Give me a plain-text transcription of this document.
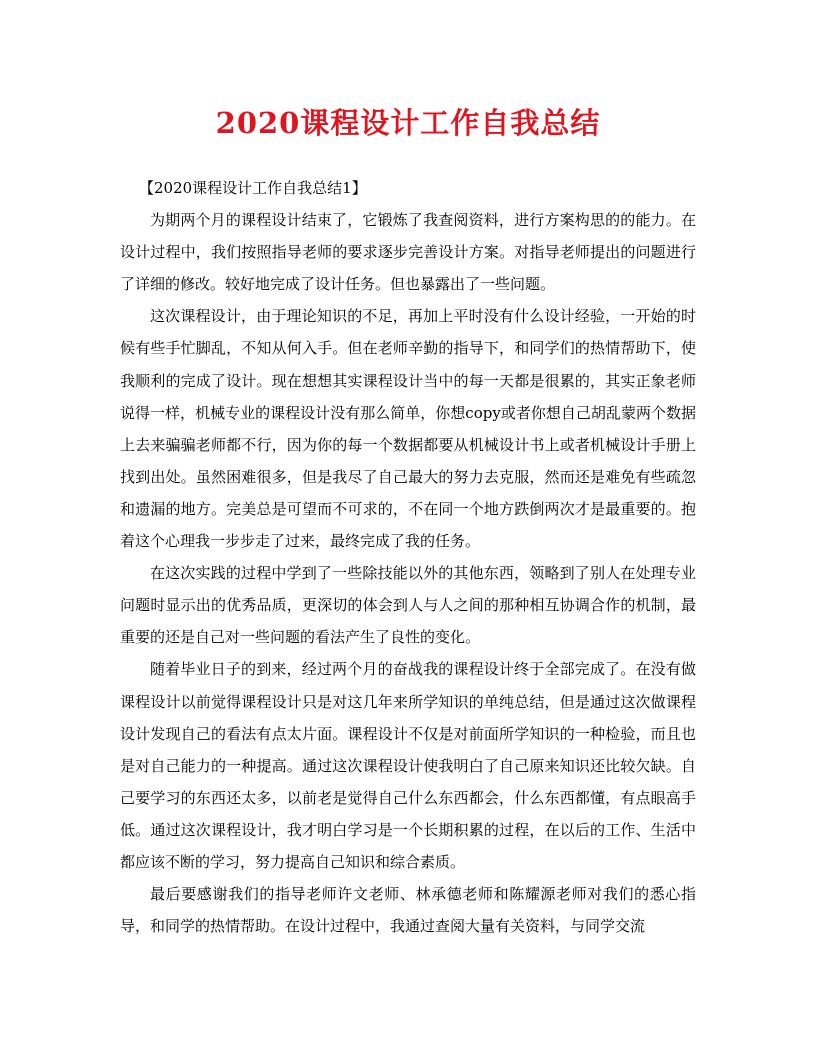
2020课程设计工作自我总结

【2020课程设计工作自我总结1】

为期两个月的课程设计结束了，它锻炼了我查阅资料，进行方案构思的的能力。在设计过程中，我们按照指导老师的要求逐步完善设计方案。对指导老师提出的问题进行了详细的修改。较好地完成了设计任务。但也暴露出了一些问题。

这次课程设计，由于理论知识的不足，再加上平时没有什么设计经验，一开始的时候有些手忙脚乱，不知从何入手。但在老师辛勤的指导下，和同学们的热情帮助下，使我顺利的完成了设计。现在想想其实课程设计当中的每一天都是很累的，其实正象老师说得一样，机械专业的课程设计没有那么简单，你想copy或者你想自己胡乱蒙两个数据上去来骗骗老师都不行，因为你的每一个数据都要从机械设计书上或者机械设计手册上找到出处。虽然困难很多，但是我尽了自己最大的努力去克服，然而还是难免有些疏忽和遗漏的地方。完美总是可望而不可求的，不在同一个地方跌倒两次才是最重要的。抱着这个心理我一步步走了过来，最终完成了我的任务。

在这次实践的过程中学到了一些除技能以外的其他东西，领略到了别人在处理专业问题时显示出的优秀品质，更深切的体会到人与人之间的那种相互协调合作的机制，最重要的还是自己对一些问题的看法产生了良性的变化。

随着毕业日子的到来，经过两个月的奋战我的课程设计终于全部完成了。在没有做课程设计以前觉得课程设计只是对这几年来所学知识的单纯总结，但是通过这次做课程设计发现自己的看法有点太片面。课程设计不仅是对前面所学知识的一种检验，而且也是对自己能力的一种提高。通过这次课程设计使我明白了自己原来知识还比较欠缺。自己要学习的东西还太多，以前老是觉得自己什么东西都会，什么东西都懂，有点眼高手低。通过这次课程设计，我才明白学习是一个长期积累的过程，在以后的工作、生活中都应该不断的学习，努力提高自己知识和综合素质。

最后要感谢我们的指导老师许文老师、林承德老师和陈耀源老师对我们的悉心指导，和同学的热情帮助。在设计过程中，我通过查阅大量有关资料，与同学交流
